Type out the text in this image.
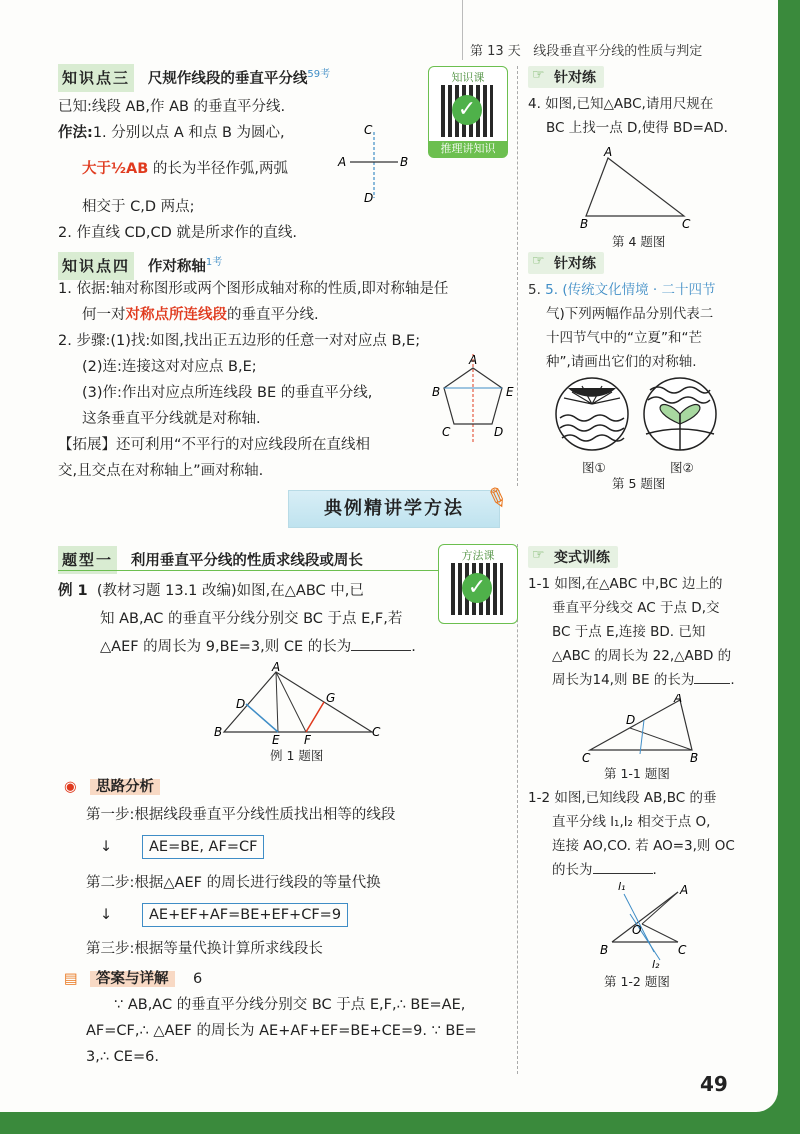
第 13 天 线段垂直平分线的性质与判定
知识点三 尺规作线段的垂直平分线$^{59考}$
已知:线段 AB,作 AB 的垂直平分线.
作法:1. 分别以点 A 和点 B 为圆心,
大于½AB 的长为半径作弧,两弧
相交于 C,D 两点;
2. 作直线 CD,CD 就是所求作的直线.
C
A	B
D
知识课
✓
推理讲知识
知识点四 作对称轴$^{1考}$
1. 依据:轴对称图形或两个图形成轴对称的性质,即对称轴是任
何一对对称点所连线段的垂直平分线.
2. 步骤:(1)找:如图,找出正五边形的任意一对对应点 B,E;
(2)连:连接这对对应点 B,E;
(3)作:作出对应点所连线段 BE 的垂直平分线,
这条垂直平分线就是对称轴.
【拓展】还可利用“不平行的对应线段所在直线相
交,且交点在对称轴上”画对称轴.
A
B	E
C	D
☞ 针对练
4. 如图,已知△ABC,请用尺规在
BC 上找一点 D,使得 BD=AD.
A
B	C
第 4 题图
☞ 针对练
5. 5. (传统文化情境 · 二十四节
气)下列两幅作品分别代表二
十四节气中的“立夏”和“芒
种”,请画出它们的对称轴.
图①	图②
第 5 题图
典例精讲学方法 ✎
题型一 利用垂直平分线的性质求线段或周长	方法课
✓
例 1 (教材习题 13.1 改编)如图,在△ABC 中,已
知 AB,AC 的垂直平分线分别交 BC 于点 E,F,若
△AEF 的周长为 9,BE=3,则 CE 的长为	.
A
D	G
B
E F
C
例 1 题图
◉ 思路分析
第一步:根据线段垂直平分线性质找出相等的线段
↓	AE=BE, AF=CF
第二步:根据△AEF 的周长进行线段的等量代换
↓	AE+EF+AF=BE+EF+CF=9
第三步:根据等量代换计算所求线段长
▤ 答案与详解 6
∵ AB,AC 的垂直平分线分别交 BC 于点 E,F,∴ BE=AE,
AF=CF,∴ △AEF 的周长为 AE+AF+EF=BE+CE=9. ∵ BE=
3,∴ CE=6.
☞ 变式训练
1-1 如图,在△ABC 中,BC 边上的
垂直平分线交 AC 于点 D,交
BC 于点 E,连接 BD. 已知
△ABC 的周长为 22,△ABD 的
周长为14,则 BE 的长为	.
A
D
C	B
第 1-1 题图
1-2 如图,已知线段 AB,BC 的垂
直平分线 l₁,l₂ 相交于点 O,
连接 AO,CO. 若 AO=3,则 OC
的长为	.
l₁	A
O
B	C
l₂
第 1-2 题图
49
